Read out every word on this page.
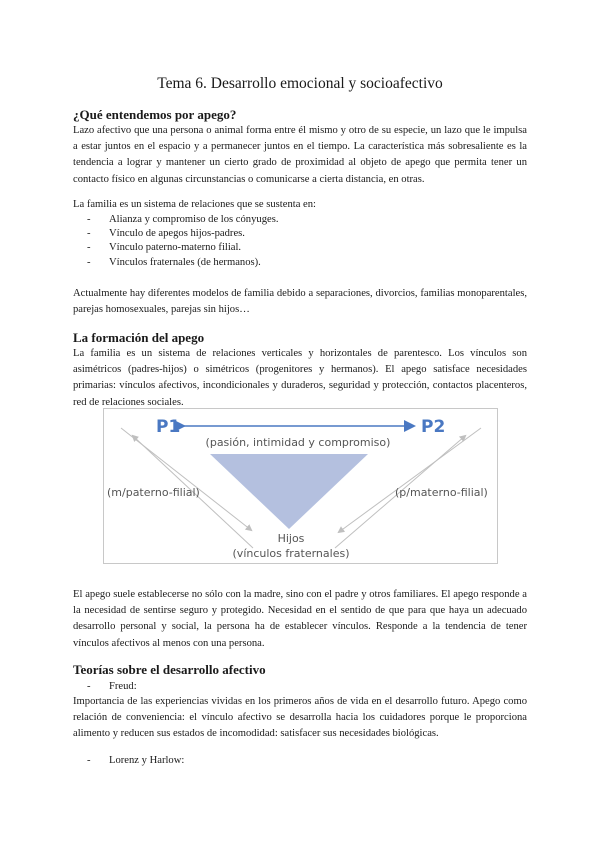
Tema 6. Desarrollo emocional y socioafectivo
¿Qué entendemos por apego?
Lazo afectivo que una persona o animal forma entre él mismo y otro de su especie, un lazo que le impulsa a estar juntos en el espacio y a permanecer juntos en el tiempo. La característica más sobresaliente es la tendencia a lograr y mantener un cierto grado de proximidad al objeto de apego que permita tener un contacto físico en algunas circunstancias o comunicarse a cierta distancia, en otras.
La familia es un sistema de relaciones que se sustenta en:
- Alianza y compromiso de los cónyuges.
- Vínculo de apegos hijos-padres.
- Vínculo paterno-materno filial.
- Vínculos fraternales (de hermanos).
Actualmente hay diferentes modelos de familia debido a separaciones, divorcios, familias monoparentales, parejas homosexuales, parejas sin hijos…
La formación del apego
La familia es un sistema de relaciones verticales y horizontales de parentesco. Los vínculos son asimétricos (padres-hijos) o simétricos (progenitores y hermanos). El apego satisface necesidades primarias: vínculos afectivos, incondicionales y duraderos, seguridad y protección, contactos placenteros, red de relaciones sociales.
P1	P2
(pasión, intimidad y compromiso)
(m/paterno-filial)	(p/materno-filial)
Hijos
(vínculos fraternales)
El apego suele establecerse no sólo con la madre, sino con el padre y otros familiares. El apego responde a la necesidad de sentirse seguro y protegido. Necesidad en el sentido de que para que haya un adecuado desarrollo personal y social, la persona ha de establecer vínculos. Responde a la tendencia de tener vínculos afectivos al menos con una persona.
Teorías sobre el desarrollo afectivo
- Freud:
Importancia de las experiencias vividas en los primeros años de vida en el desarrollo futuro. Apego como relación de conveniencia: el vínculo afectivo se desarrolla hacia los cuidadores porque le proporciona alimento y reducen sus estados de incomodidad: satisfacer sus necesidades biológicas.
- Lorenz y Harlow:
